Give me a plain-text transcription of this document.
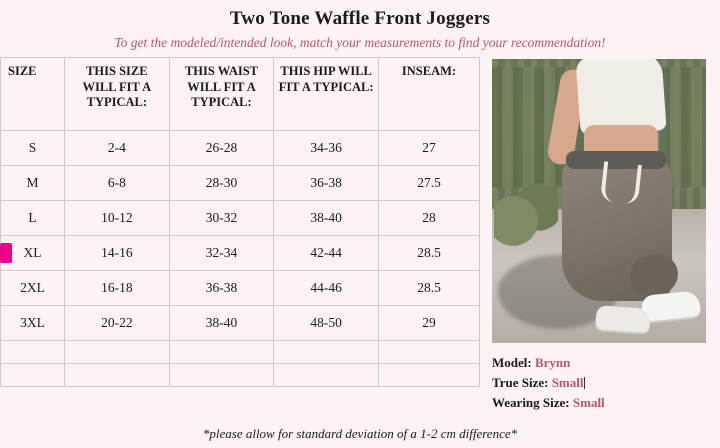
Two Tone Waffle Front Joggers
To get the modeled/intended look, match your measurements to find your recommendation!
SIZE	THIS SIZE WILL FIT A TYPICAL:	THIS WAIST WILL FIT A TYPICAL:	THIS HIP WILL FIT A TYPICAL:	INSEAM:
S	2-4	26-28	34-36	27
M	6-8	28-30	36-38	27.5
L	10-12	30-32	38-40	28

XL	14-16	32-34	42-44	28.5
2XL	16-18	36-38	44-46	28.5
3XL	20-22	38-40	48-50	29

Model: Brynn
True Size: Small
Wearing Size: Small
*please allow for standard deviation of a 1-2 cm difference*
